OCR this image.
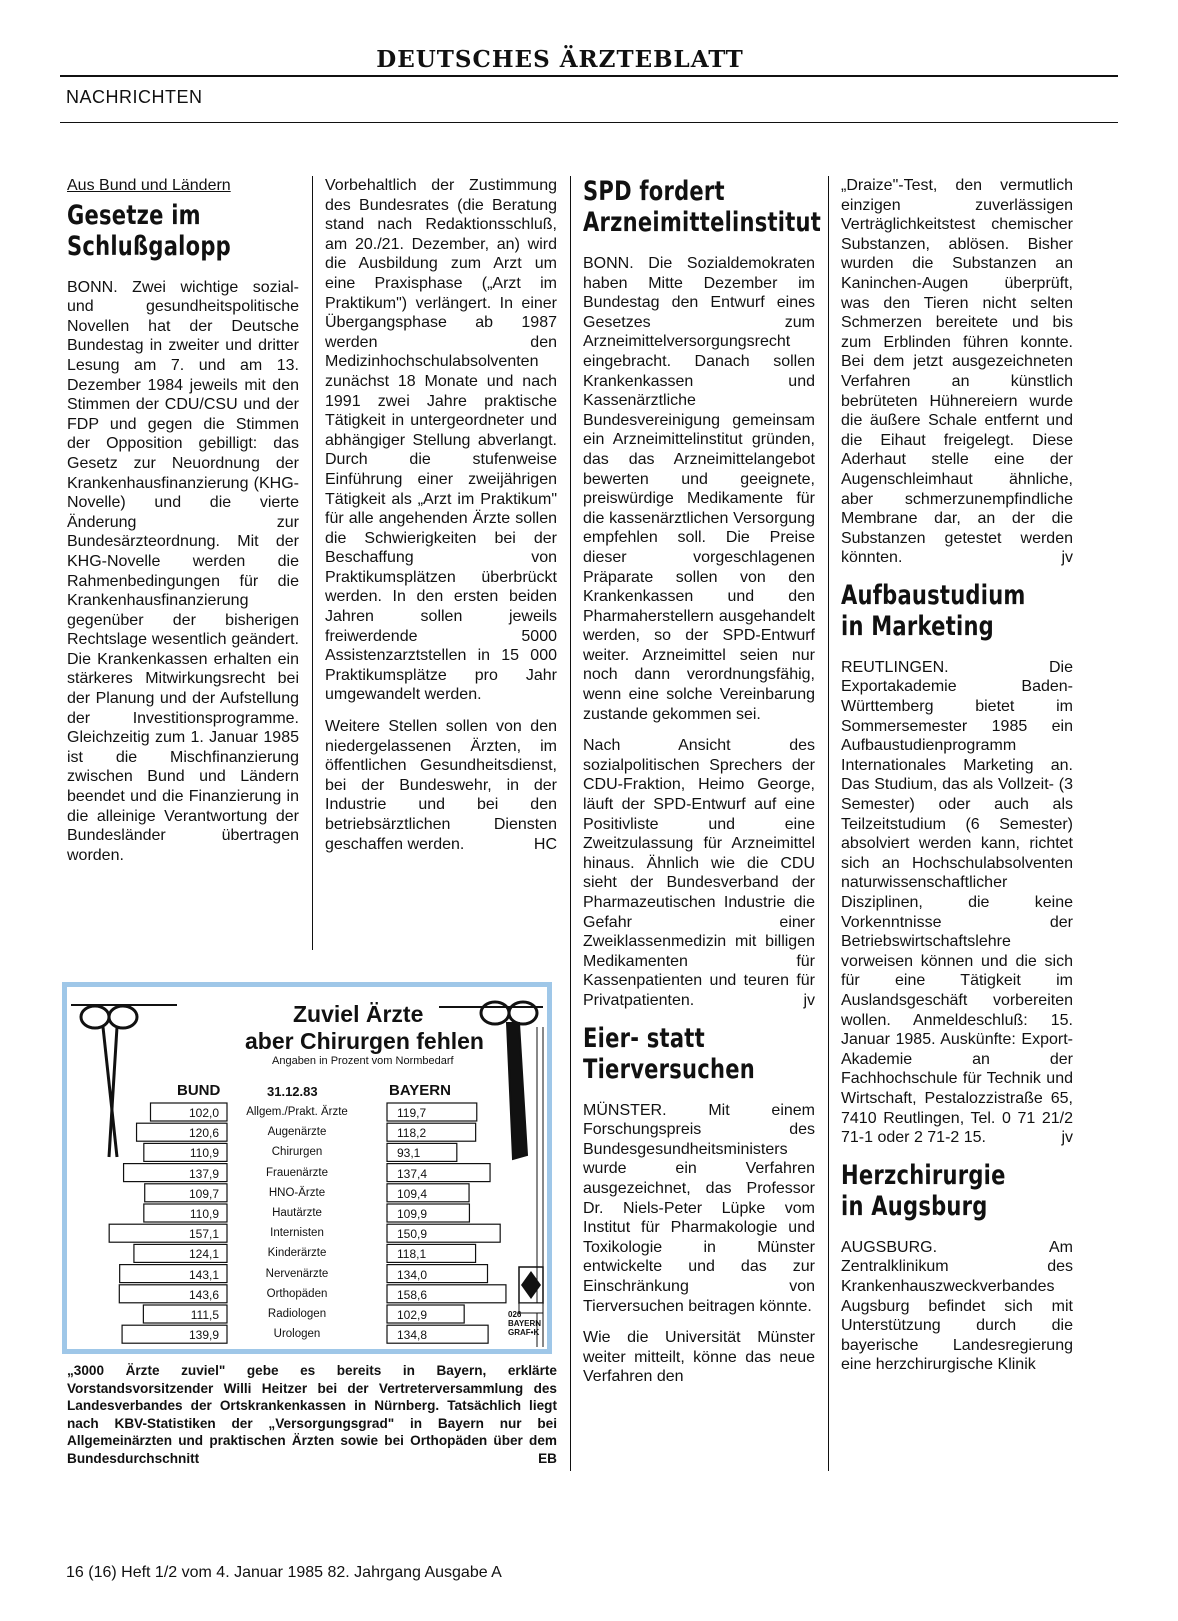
DEUTSCHES ÄRZTEBLATT
NACHRICHTEN
Aus Bund und Ländern
Gesetze im
Schlußgalopp

BONN. Zwei wichtige sozial- und gesundheitspolitische Novellen hat der Deutsche Bundestag in zweiter und dritter Lesung am 7. und am 13. Dezember 1984 jeweils mit den Stimmen der CDU/CSU und der FDP und gegen die Stimmen der Opposition gebilligt: das Gesetz zur Neuordnung der Krankenhausfinanzierung (KHG-Novelle) und die vierte Änderung zur Bundesärzteordnung. Mit der KHG-Novelle werden die Rahmenbedingungen für die Krankenhausfinanzierung gegenüber der bisherigen Rechtslage wesentlich geändert. Die Krankenkassen erhalten ein stärkeres Mitwirkungsrecht bei der Planung und der Aufstellung der Investitionsprogramme. Gleichzeitig zum 1. Januar 1985 ist die Mischfinanzierung zwischen Bund und Ländern beendet und die Finanzierung in die alleinige Verantwortung der Bundesländer übertragen worden.

Vorbehaltlich der Zustimmung des Bundesrates (die Beratung stand nach Redaktionsschluß, am 20./21. Dezember, an) wird die Ausbildung zum Arzt um eine Praxisphase („Arzt im Praktikum") verlängert. In einer Übergangsphase ab 1987 werden den Medizinhochschulabsolventen zunächst 18 Monate und nach 1991 zwei Jahre praktische Tätigkeit in untergeordneter und abhängiger Stellung abverlangt. Durch die stufenweise Einführung einer zweijährigen Tätigkeit als „Arzt im Praktikum" für alle angehenden Ärzte sollen die Schwierigkeiten bei der Beschaffung von Praktikumsplätzen überbrückt werden. In den ersten beiden Jahren sollen jeweils freiwerdende 5000 Assistenzarztstellen in 15 000 Praktikumsplätze pro Jahr umgewandelt werden.

Weitere Stellen sollen von den niedergelassenen Ärzten, im öffentlichen Gesundheitsdienst, bei der Bundeswehr, in der Industrie und bei den betriebsärztlichen Diensten geschaffen werden.	HC

SPD fordert
Arzneimittelinstitut

BONN. Die Sozialdemokraten haben Mitte Dezember im Bundestag den Entwurf eines Gesetzes zum Arzneimittelversorgungsrecht eingebracht. Danach sollen Krankenkassen und Kassenärztliche Bundesvereinigung gemeinsam ein Arzneimittelinstitut gründen, das das Arzneimittelangebot bewerten und geeignete, preiswürdige Medikamente für die kassenärztlichen Versorgung empfehlen soll. Die Preise dieser vorgeschlagenen Präparate sollen von den Krankenkassen und den Pharmaherstellern ausgehandelt werden, so der SPD-Entwurf weiter. Arzneimittel seien nur noch dann verordnungsfähig, wenn eine solche Vereinbarung zustande gekommen sei.

Nach Ansicht des sozialpolitischen Sprechers der CDU-Fraktion, Heimo George, läuft der SPD-Entwurf auf eine Positivliste und eine Zweitzulassung für Arzneimittel hinaus. Ähnlich wie die CDU sieht der Bundesverband der Pharmazeutischen Industrie die Gefahr einer Zweiklassenmedizin mit billigen Medikamenten für Kassenpatienten und teuren für Privatpatienten.	jv

Eier- statt
Tierversuchen

MÜNSTER. Mit einem Forschungspreis des Bundesgesundheitsministers wurde ein Verfahren ausgezeichnet, das Professor Dr. Niels-Peter Lüpke vom Institut für Pharmakologie und Toxikologie in Münster entwickelte und das zur Einschränkung von Tierversuchen beitragen könnte.

Wie die Universität Münster weiter mitteilt, könne das neue Verfahren den

„Draize"-Test, den vermutlich einzigen zuverlässigen Verträglichkeitstest chemischer Substanzen, ablösen. Bisher wurden die Substanzen an Kaninchen-Augen überprüft, was den Tieren nicht selten Schmerzen bereitete und bis zum Erblinden führen konnte. Bei dem jetzt ausgezeichneten Verfahren an künstlich bebrüteten Hühnereiern wurde die äußere Schale entfernt und die Eihaut freigelegt. Diese Aderhaut stelle eine der Augenschleimhaut ähnliche, aber schmerzunempfindliche Membrane dar, an der die Substanzen getestet werden könnten.	jv

Aufbaustudium
in Marketing

REUTLINGEN. Die Exportakademie Baden-Württemberg bietet im Sommersemester 1985 ein Aufbaustudienprogramm Internationales Marketing an. Das Studium, das als Vollzeit- (3 Semester) oder auch als Teilzeitstudium (6 Semester) absolviert werden kann, richtet sich an Hochschulabsolventen naturwissenschaftlicher Disziplinen, die keine Vorkenntnisse der Betriebswirtschaftslehre vorweisen können und die sich für eine Tätigkeit im Auslandsgeschäft vorbereiten wollen. Anmeldeschluß: 15. Januar 1985. Auskünfte: Export-Akademie an der Fachhochschule für Technik und Wirtschaft, Pestalozzistraße 65, 7410 Reutlingen, Tel. 0 71 21/2 71-1 oder 2 71-2 15.	jv

Herzchirurgie
in Augsburg

AUGSBURG. Am Zentralklinikum des Krankenhauszweckverbandes Augsburg befindet sich mit Unterstützung durch die bayerische Landesregierung eine herzchirurgische Klinik

Zuviel Ärzte
aber Chirurgen fehlen
Angaben in Prozent vom Normbedarf
BUND	31.12.83	BAYERN
102,0	Allgem./Prakt. Ärzte	119,7
120,6	Augenärzte	118,2
110,9	Chirurgen	93,1
137,9	Frauenärzte	137,4
109,7	HNO-Ärzte	109,4
110,9	Hautärzte	109,9
157,1	Internisten	150,9
124,1	Kinderärzte	118,1
143,1	Nervenärzte	134,0
143,6	Orthopäden	158,6
111,5	Radiologen	102,9
139,9	Urologen	134,8
026
BAYERN
GRAF•K
„3000 Ärzte zuviel" gebe es bereits in Bayern, erklärte Vorstandsvorsitzender Willi Heitzer bei der Vertreterversammlung des Landesverbandes der Ortskrankenkassen in Nürnberg. Tatsächlich liegt nach KBV-Statistiken der „Versorgungsgrad" in Bayern nur bei Allgemeinärzten und praktischen Ärzten sowie bei Orthopäden über dem Bundesdurchschnitt	EB
16 (16) Heft 1/2 vom 4. Januar 1985 82. Jahrgang Ausgabe A
